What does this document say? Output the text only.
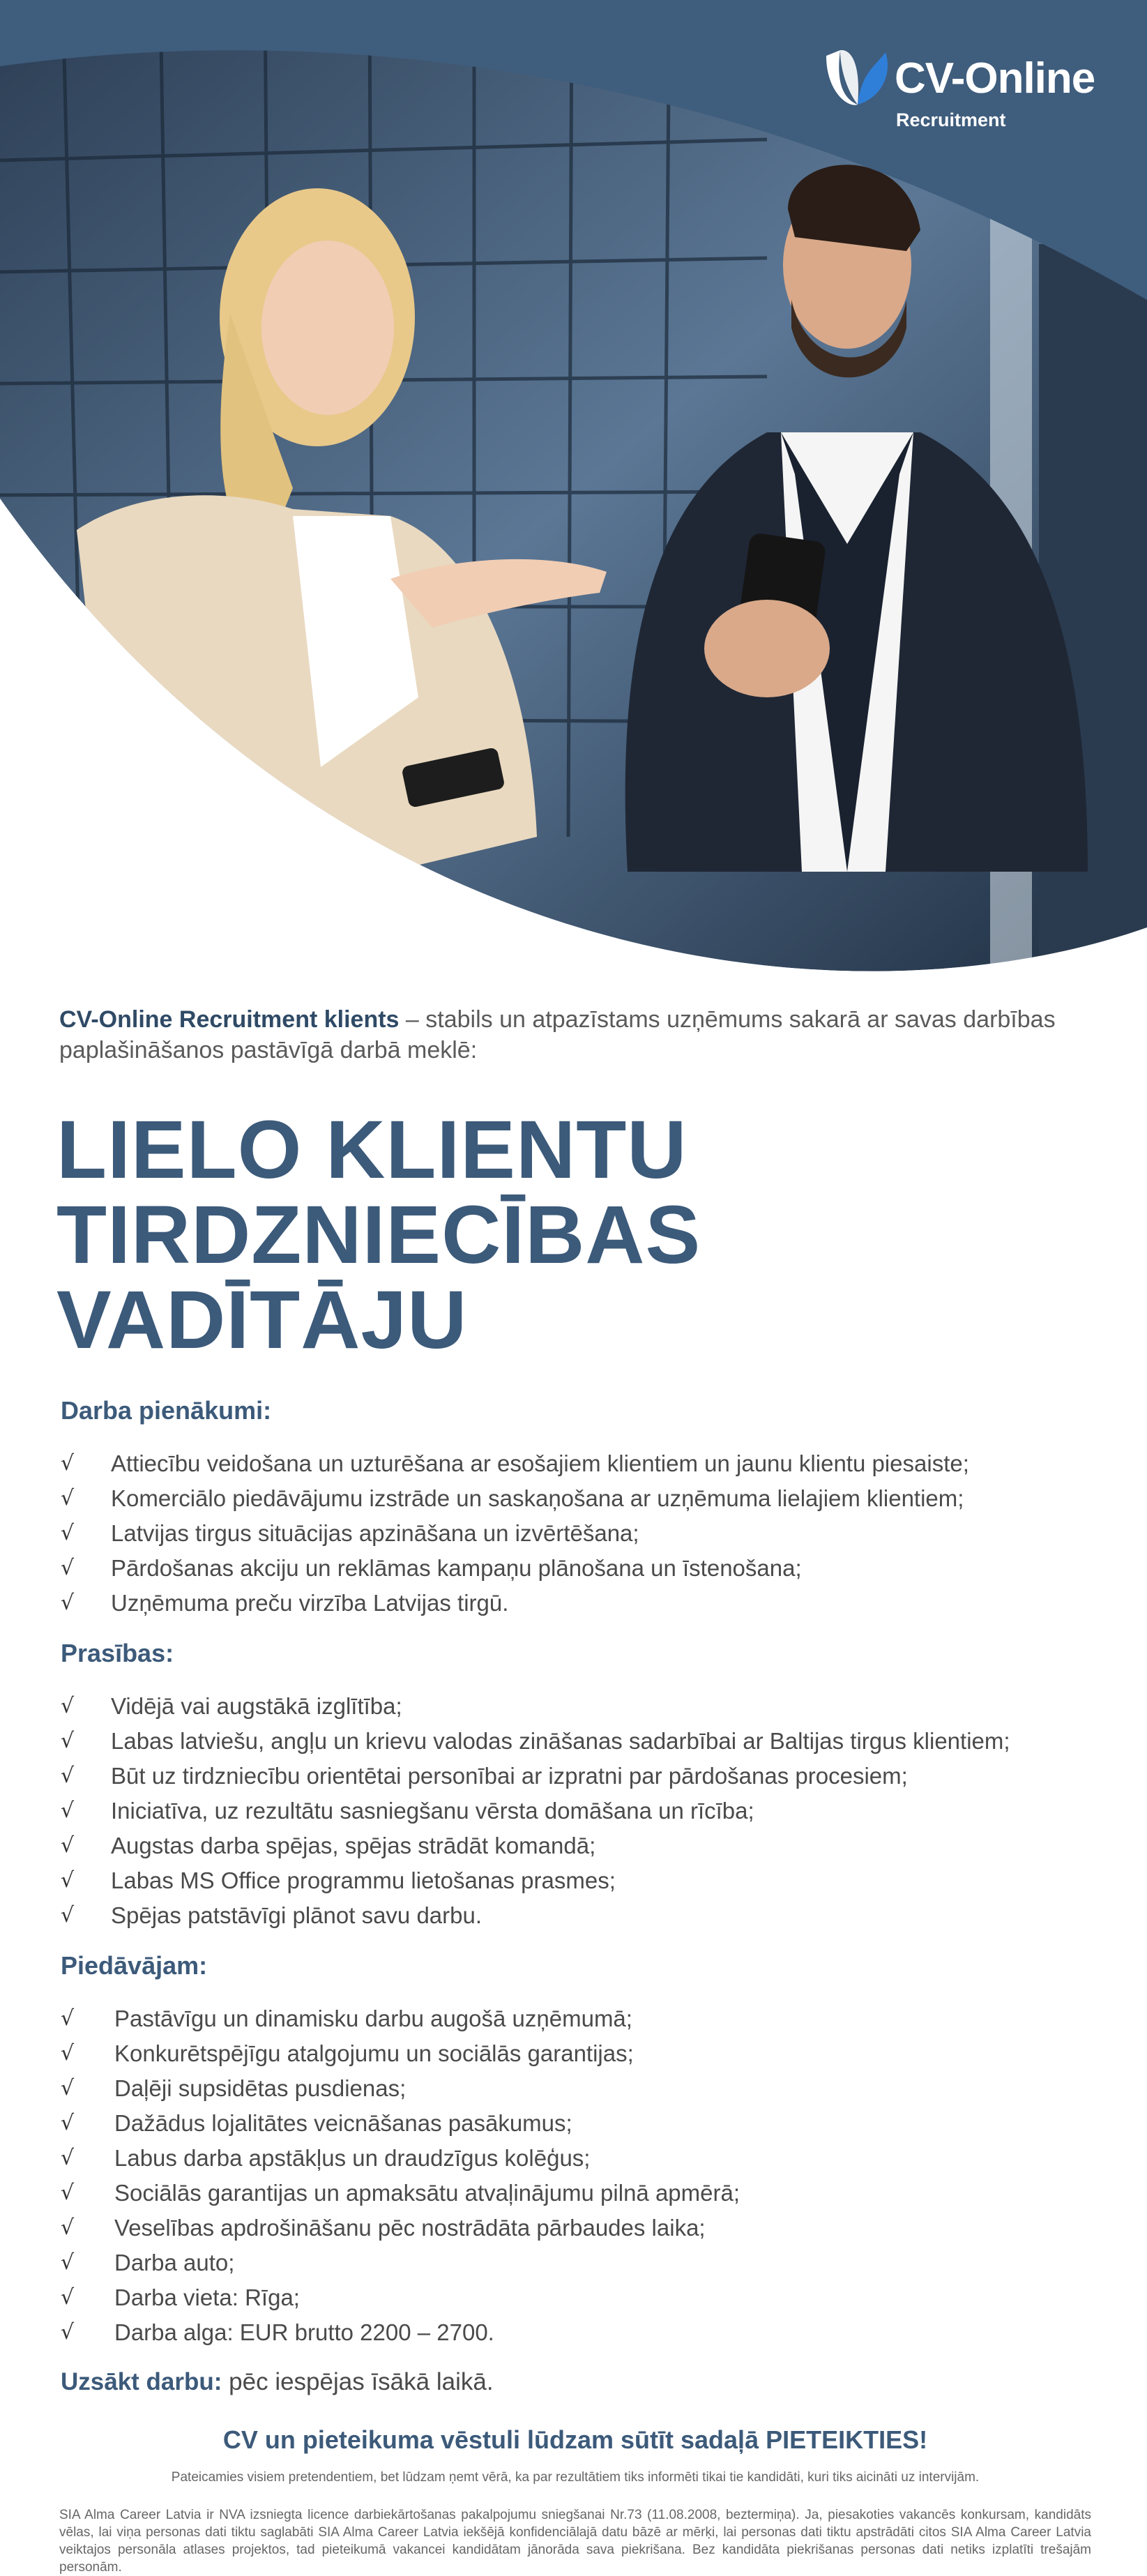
CV-Online
Recruitment

CV-Online Recruitment klients – stabils un atpazīstams uzņēmums sakarā ar savas darbības paplašināšanos pastāvīgā darbā meklē:

LIELO KLIENTU
TIRDZNIECĪBAS VADĪTĀJU
Darba pienākumi:
√ Attiecību veidošana un uzturēšana ar esošajiem klientiem un jaunu klientu piesaiste;
√ Komerciālo piedāvājumu izstrāde un saskaņošana ar uzņēmuma lielajiem klientiem;
√ Latvijas tirgus situācijas apzināšana un izvērtēšana;
√ Pārdošanas akciju un reklāmas kampaņu plānošana un īstenošana;
√ Uzņēmuma preču virzība Latvijas tirgū.
Prasības:
√ Vidējā vai augstākā izglītība;
√ Labas latviešu, angļu un krievu valodas zināšanas sadarbībai ar Baltijas tirgus klientiem;
√ Būt uz tirdzniecību orientētai personībai ar izpratni par pārdošanas procesiem;
√ Iniciatīva, uz rezultātu sasniegšanu vērsta domāšana un rīcība;
√ Augstas darba spējas, spējas strādāt komandā;
√ Labas MS Office programmu lietošanas prasmes;
√ Spējas patstāvīgi plānot savu darbu.
Piedāvājam:
√ Pastāvīgu un dinamisku darbu augošā uzņēmumā;
√ Konkurētspējīgu atalgojumu un sociālās garantijas;
√ Daļēji supsidētas pusdienas;
√ Dažādus lojalitātes veicnāšanas pasākumus;
√ Labus darba apstākļus un draudzīgus kolēģus;
√ Sociālās garantijas un apmaksātu atvaļinājumu pilnā apmērā;
√ Veselības apdrošināšanu pēc nostrādāta pārbaudes laika;
√ Darba auto;
√ Darba vieta: Rīga;
√ Darba alga: EUR brutto 2200 – 2700.

Uzsākt darbu: pēc iespējas īsākā laikā.

CV un pieteikuma vēstuli lūdzam sūtīt sadaļā PIETEIKTIES!
Pateicamies visiem pretendentiem, bet lūdzam ņemt vērā, ka par rezultātiem tiks informēti tikai tie kandidāti, kuri tiks aicināti uz intervijām.

SIA Alma Career Latvia ir NVA izsniegta licence darbiekārtošanas pakalpojumu sniegšanai Nr.73 (11.08.2008, beztermiņa). Ja, piesakoties vakancēs konkursam, kandidāts vēlas, lai viņa personas dati tiktu saglabāti SIA Alma Career Latvia iekšējā konfidenciālajā datu bāzē ar mērķi, lai personas dati tiktu apstrādāti citos SIA Alma Career Latvia veiktajos personāla atlases projektos, tad pieteikumā vakancei kandidātam jānorāda sava piekrišana. Bez kandidāta piekrišanas personas dati netiks izplatīti trešajām personām.
